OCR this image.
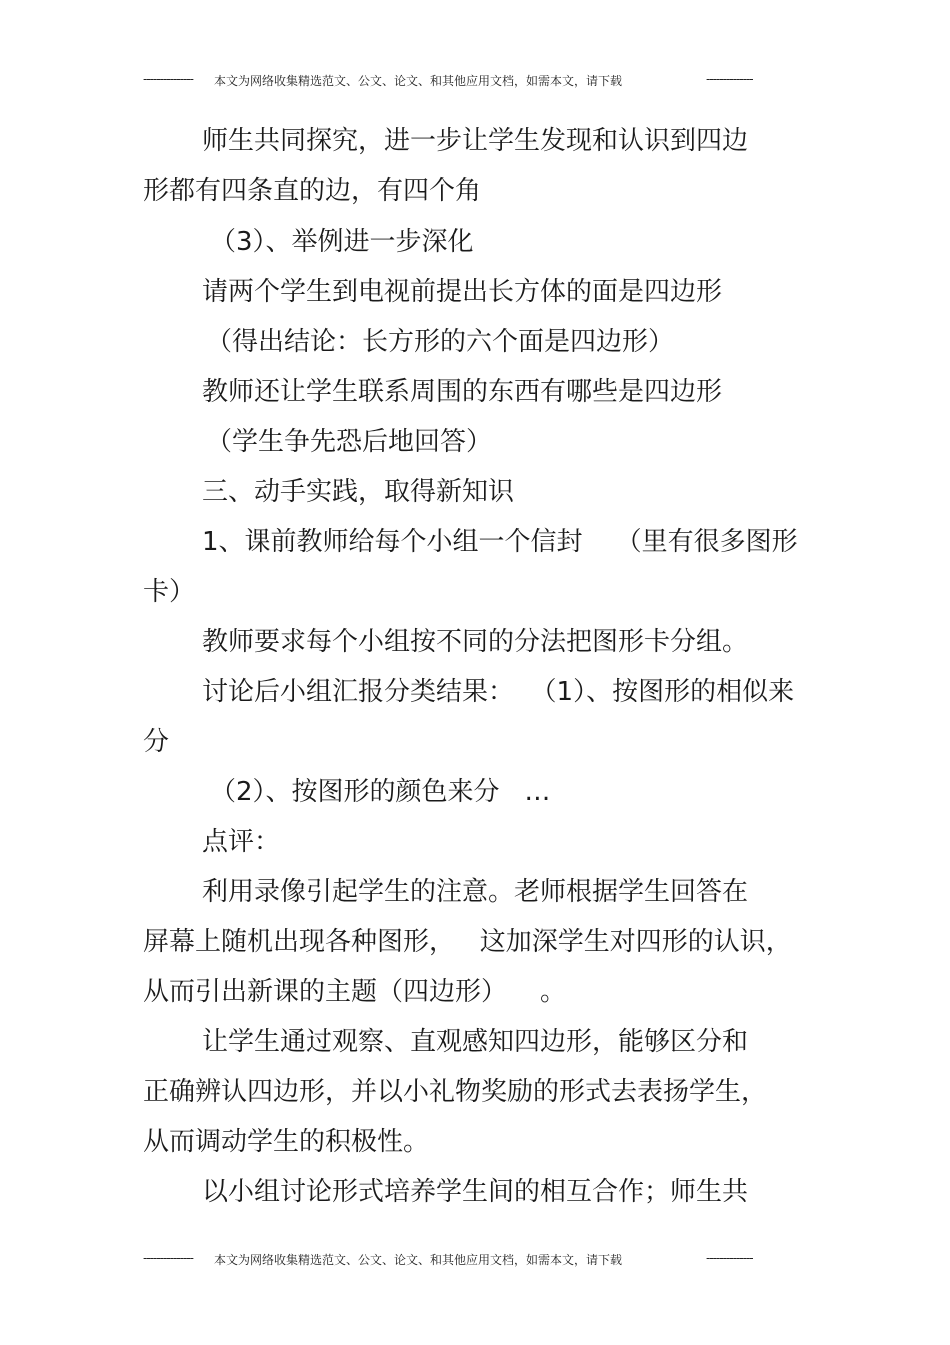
--------------- 本文为网络收集精选范文、公文、论文、和其他应用文档，如需本文，请下载	--------------
师生共同探究，进一步让学生发现和认识到四边
形都有四条直的边，有四个角
（3）、举例进一步深化
请两个学生到电视前提出长方体的面是四边形
（得出结论：长方形的六个面是四边形）
教师还让学生联系周围的东西有哪些是四边形
（学生争先恐后地回答）
三、动手实践，取得新知识
1、课前教师给每个小组一个信封    （里有很多图形
卡）
教师要求每个小组按不同的分法把图形卡分组。
讨论后小组汇报分类结果：  （1）、按图形的相似来
分
（2）、按图形的颜色来分   …
点评：
利用录像引起学生的注意。老师根据学生回答在
屏幕上随机出现各种图形，   这加深学生对四形的认识，
从而引出新课的主题（四边形）    。
让学生通过观察、直观感知四边形，能够区分和
正确辨认四边形，并以小礼物奖励的形式去表扬学生，
从而调动学生的积极性。
以小组讨论形式培养学生间的相互合作；师生共
--------------- 本文为网络收集精选范文、公文、论文、和其他应用文档，如需本文，请下载	--------------
